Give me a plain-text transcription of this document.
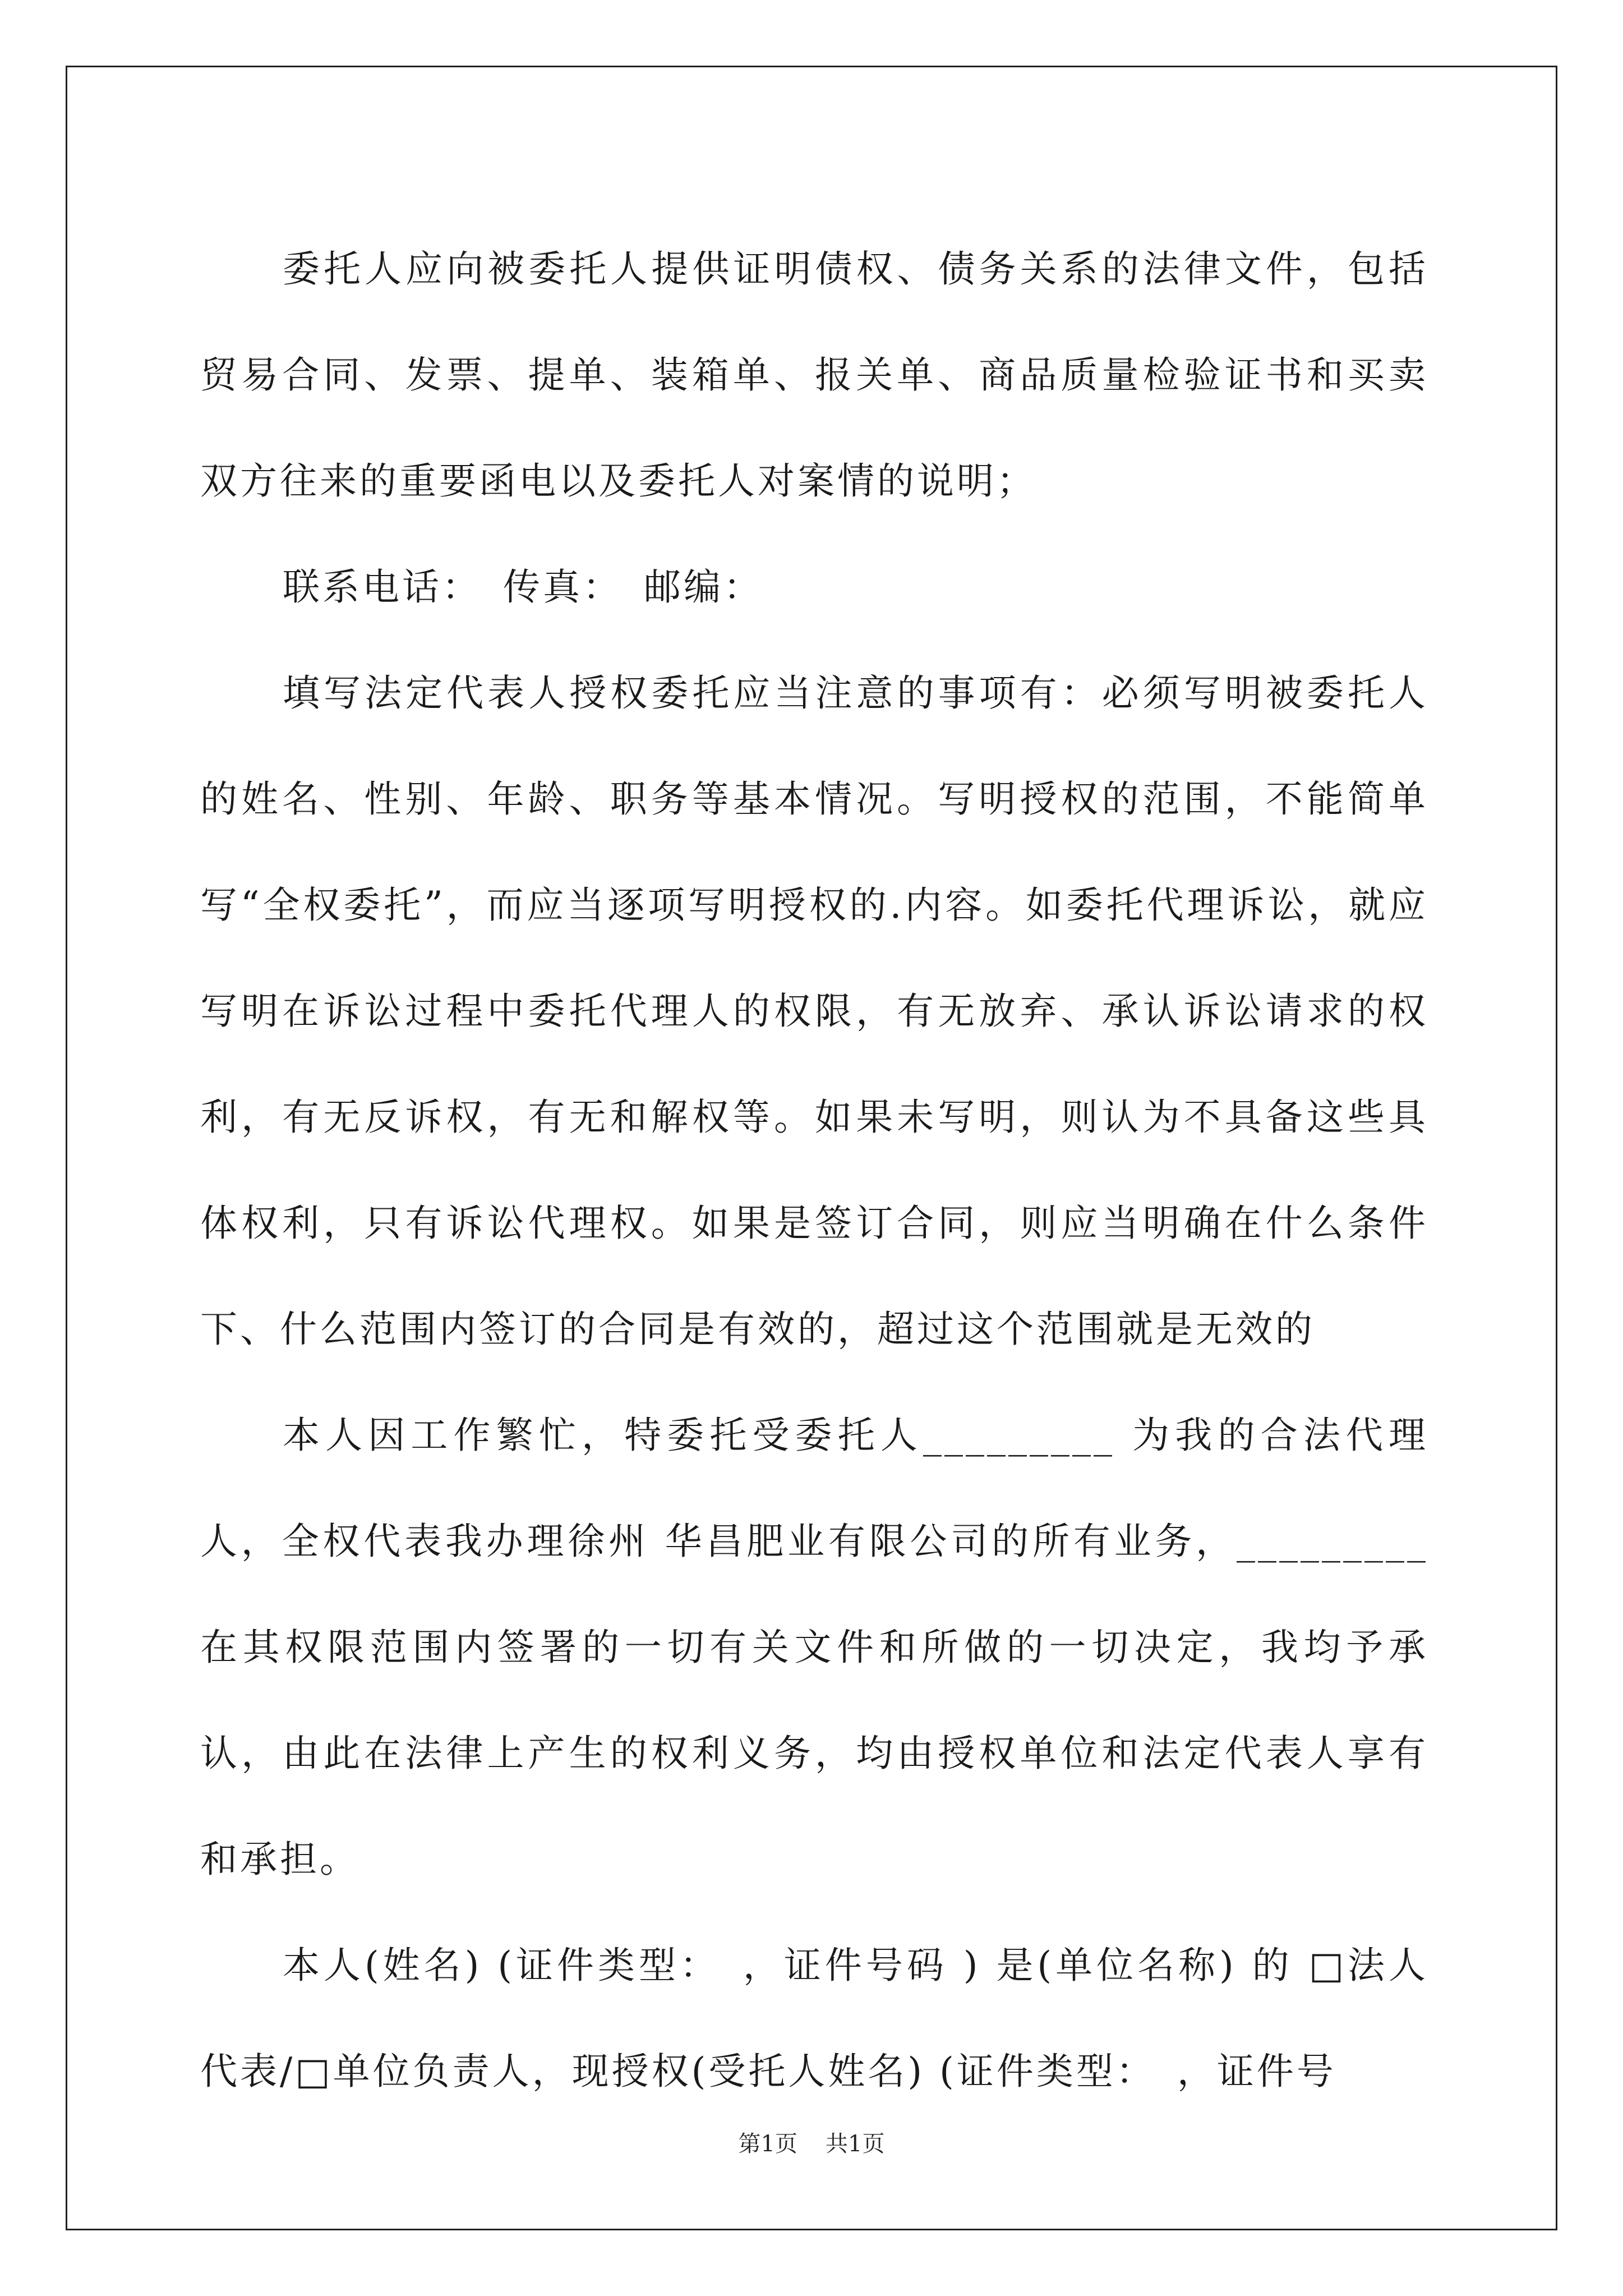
委托人应向被委托人提供证明债权、债务关系的法律文件，包括贸易合同、发票、提单、装箱单、报关单、商品质量检验证书和买卖双方往来的重要函电以及委托人对案情的说明；

联系电话：　传真：　邮编：

填写法定代表人授权委托应当注意的事项有：必须写明被委托人的姓名、性别、年龄、职务等基本情况。写明授权的范围，不能简单写“全权委托”，而应当逐项写明授权的.内容。如委托代理诉讼，就应写明在诉讼过程中委托代理人的权限，有无放弃、承认诉讼请求的权利，有无反诉权，有无和解权等。如果未写明，则认为不具备这些具体权利，只有诉讼代理权。如果是签订合同，则应当明确在什么条件下、什么范围内签订的合同是有效的，超过这个范围就是无效的

本人因工作繁忙，特委托受委托人_________ 为我的合法代理人，全权代表我办理徐州 华昌肥业有限公司的所有业务，_________在其权限范围内签署的一切有关文件和所做的一切决定，我均予承认，由此在法律上产生的权利义务，均由授权单位和法定代表人享有和承担。

本人(姓名) (证件类型：　，证件号码 ) 是(单位名称) 的 □法人代表/□单位负责人，现授权(受托人姓名) (证件类型：　，证件号

第1页 共1页
